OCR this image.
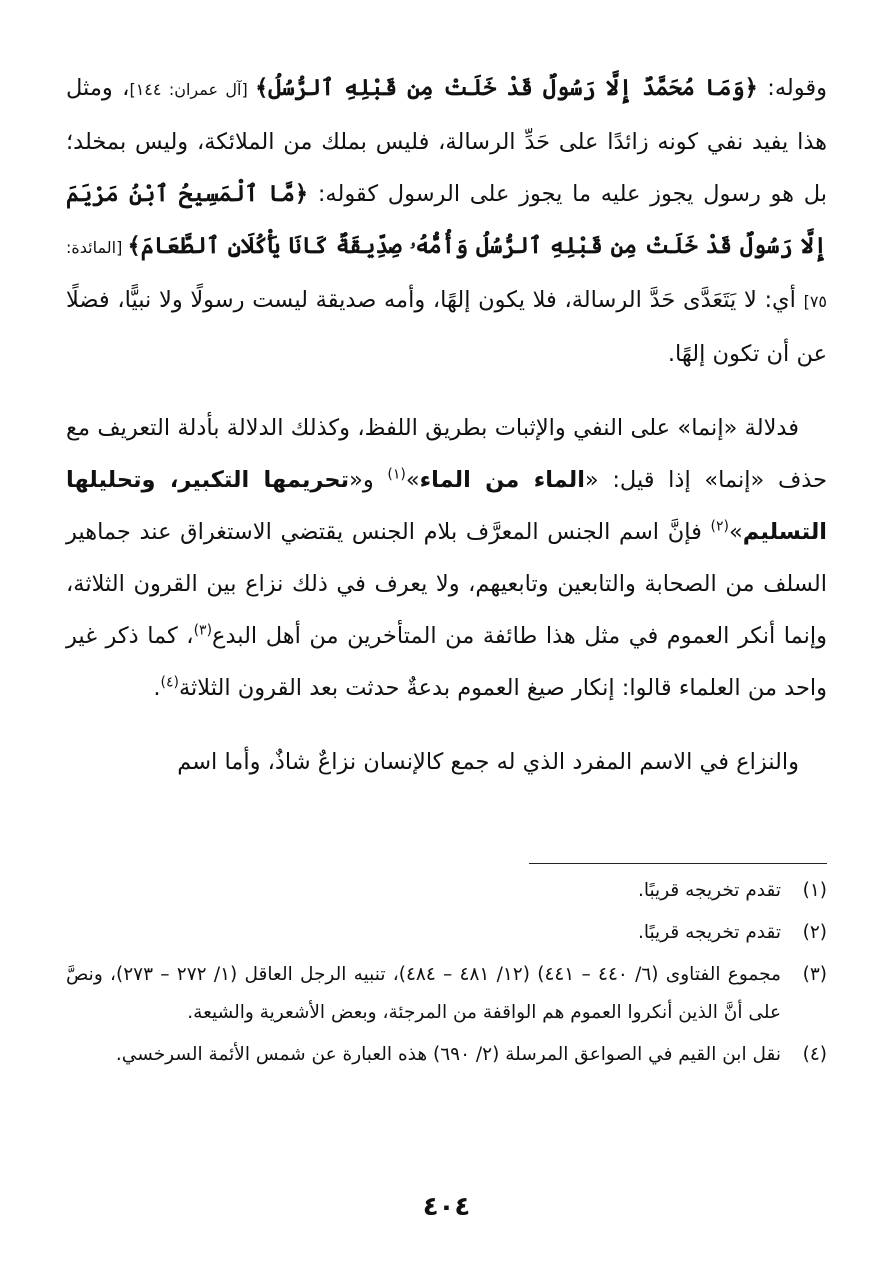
وقوله: ﴿وَمَا مُحَمَّدٌ إِلَّا رَسُولٌ قَدْ خَلَتْ مِن قَبْلِهِ ٱلرُّسُلُ﴾ [آل عمران: ١٤٤]، ومثل هذا يفيد نفي كونه زائدًا على حَدِّ الرسالة، فليس بملك من الملائكة، وليس بمخلد؛ بل هو رسول يجوز عليه ما يجوز على الرسول كقوله: ﴿مَّا ٱلْمَسِيحُ ٱبْنُ مَرْيَمَ إِلَّا رَسُولٌ قَدْ خَلَتْ مِن قَبْلِهِ ٱلرُّسُلُ وَأُمُّهُۥ صِدِّيقَةٌ كَانَا يَأْكُلَانِ ٱلطَّعَامَ﴾ [المائدة: ٧٥] أي: لا يَتَعَدَّى حَدَّ الرسالة، فلا يكون إلهًا، وأمه صديقة ليست رسولًا ولا نبيًّا، فضلًا عن أن تكون إلهًا.

فدلالة «إنما» على النفي والإثبات بطريق اللفظ، وكذلك الدلالة بأدلة التعريف مع حذف «إنما» إذا قيل: «الماء من الماء»$^{(١)}$ و«تحريمها التكبير، وتحليلها التسليم»$^{(٢)}$ فإنَّ اسم الجنس المعرَّف بلام الجنس يقتضي الاستغراق عند جماهير السلف من الصحابة والتابعين وتابعيهم، ولا يعرف في ذلك نزاع بين القرون الثلاثة، وإنما أنكر العموم في مثل هذا طائفة من المتأخرين من أهل البدع$^{(٣)}$، كما ذكر غير واحد من العلماء قالوا: إنكار صيغ العموم بدعةٌ حدثت بعد القرون الثلاثة$^{(٤)}$.

والنزاع في الاسم المفرد الذي له جمع كالإنسان نزاعٌ شاذٌ، وأما اسم

(١)
تقدم تخريجه قريبًا.
(٢)
تقدم تخريجه قريبًا.
(٣)
مجموع الفتاوى (٦/ ٤٤٠ – ٤٤١) (١٢/ ٤٨١ – ٤٨٤)، تنبيه الرجل العاقل (١/ ٢٧٢ – ٢٧٣)، ونصَّ على أنَّ الذين أنكروا العموم هم الواقفة من المرجئة، وبعض الأشعرية والشيعة.
(٤)
نقل ابن القيم في الصواعق المرسلة (٢/ ٦٩٠) هذه العبارة عن شمس الأئمة السرخسي.
٤٠٤
